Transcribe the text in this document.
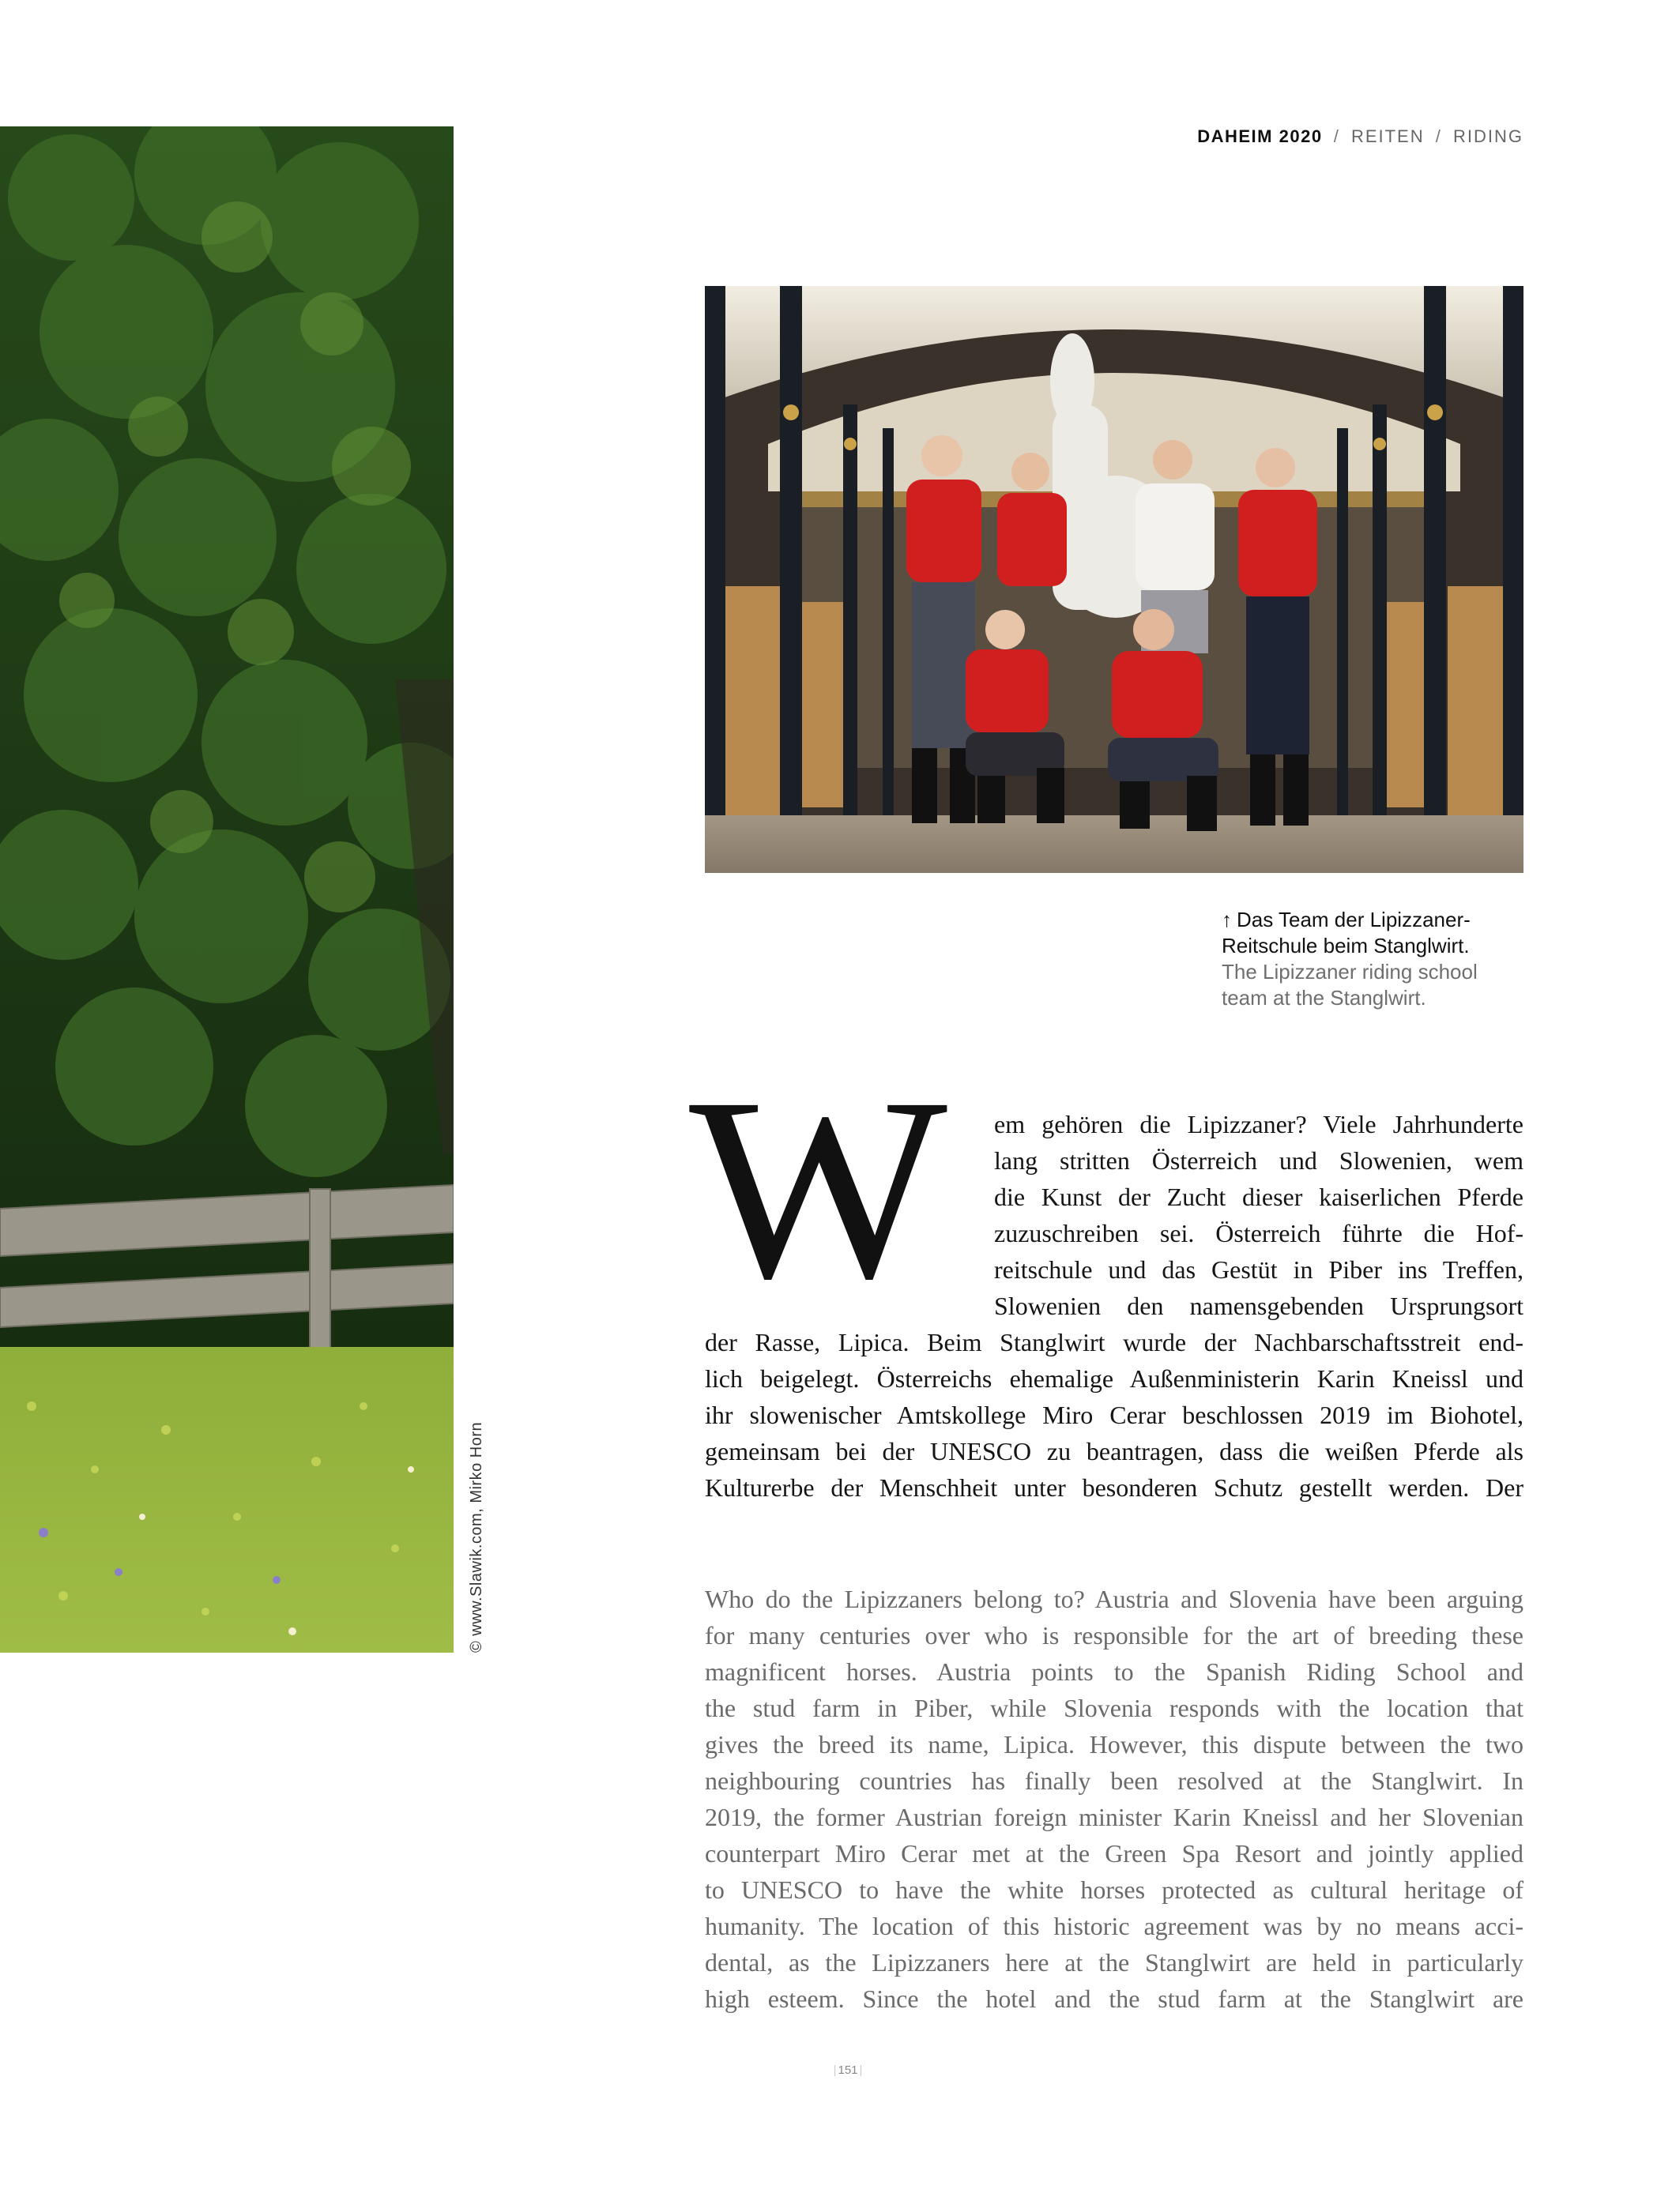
© www.Slawik.com, Mirko Horn
DAHEIM 2020 / REITEN / RIDING
↑ Das Team der Lipizzaner-
Reitschule beim Stanglwirt.
The Lipizzaner riding school
team at the Stanglwirt.
W em gehören die Lipizzaner? Viele Jahrhunderte
lang stritten Österreich und Slowenien, wem
die Kunst der Zucht dieser kaiserlichen Pferde
zuzuschreiben sei. Österreich führte die Hof-
reitschule und das Gestüt in Piber ins Treffen,
Slowenien den namensgebenden Ursprungsort
der Rasse, Lipica. Beim Stanglwirt wurde der Nachbarschaftsstreit end-
lich beigelegt. Österreichs ehemalige Außenministerin Karin Kneissl und
ihr slowenischer Amtskollege Miro Cerar beschlossen 2019 im Biohotel,
gemeinsam bei der UNESCO zu beantragen, dass die weißen Pferde als
Kulturerbe der Menschheit unter besonderen Schutz gestellt werden. Der
Who do the Lipizzaners belong to? Austria and Slovenia have been arguing
for many centuries over who is responsible for the art of breeding these
magnificent horses. Austria points to the Spanish Riding School and
the stud farm in Piber, while Slovenia responds with the location that
gives the breed its name, Lipica. However, this dispute between the two
neighbouring countries has finally been resolved at the Stanglwirt. In
2019, the former Austrian foreign minister Karin Kneissl and her Slovenian
counterpart Miro Cerar met at the Green Spa Resort and jointly applied
to UNESCO to have the white horses protected as cultural heritage of
humanity. The location of this historic agreement was by no means acci-
dental, as the Lipizzaners here at the Stanglwirt are held in particularly
high esteem. Since the hotel and the stud farm at the Stanglwirt are
| 151 |
